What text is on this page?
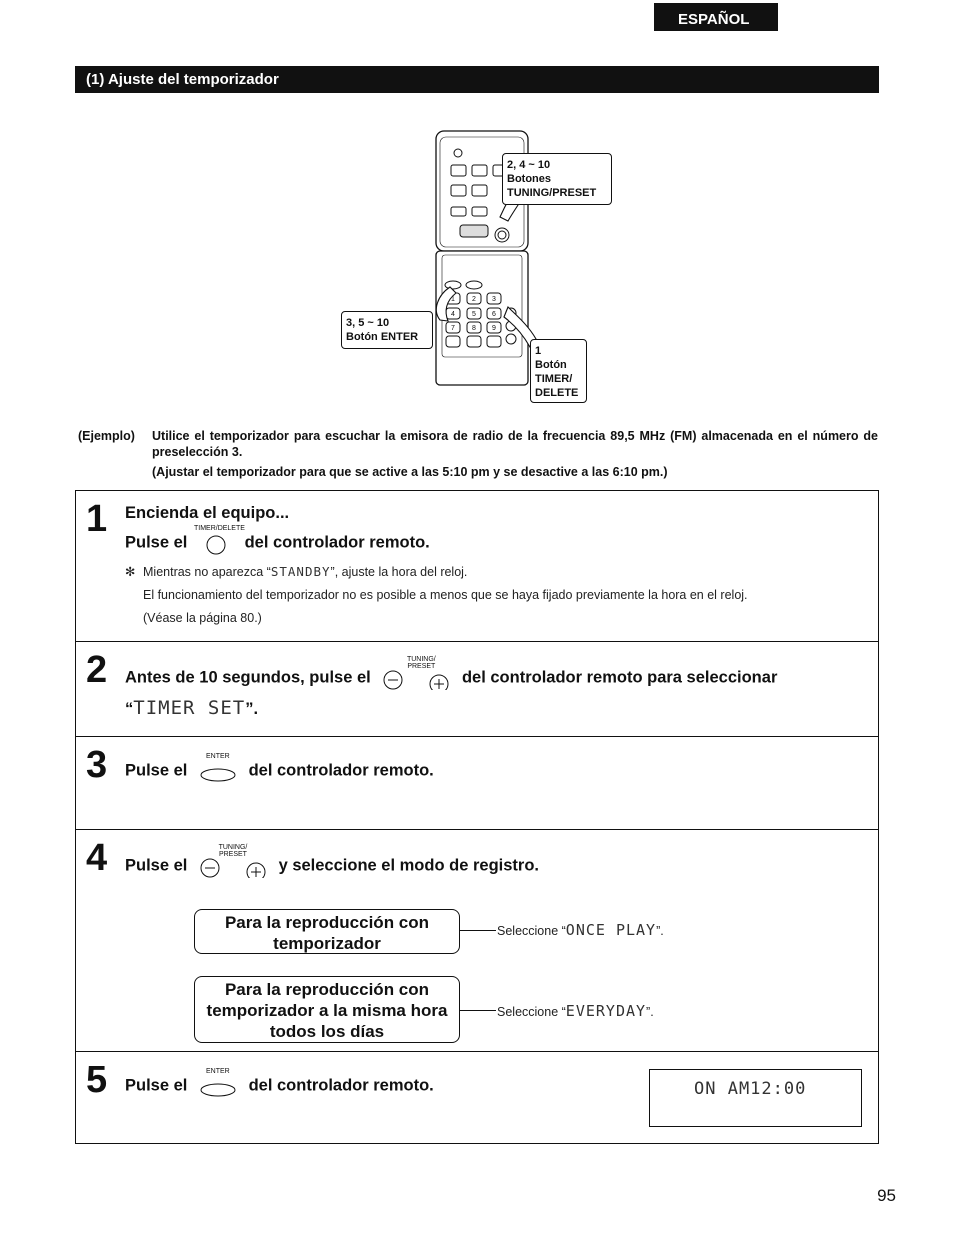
ESPAÑOL
(1) Ajuste del temporizador
1 2 3
4 5 6
7 8 9
2, 4 ~ 10
Botones
TUNING/PRESET
3, 5 ~ 10
Botón ENTER
1
Botón
TIMER/
DELETE
(Ejemplo) Utilice el temporizador para escuchar la emisora de radio de la frecuencia 89,5 MHz (FM) almacenada en el número de preselección 3.
(Ajustar el temporizador para que se active a las 5:10 pm y se desactive a las 6:10 pm.)
1 Encienda el equipo...
Pulse el
TIMER/DELETE
del controlador remoto.
✻ Mientras no aparezca “STANDBY”, ajuste la hora del reloj.
El funcionamiento del temporizador no es posible a menos que se haya fijado previamente la hora en el reloj.
(Véase la página 80.)
2 Antes de 10 segundos, pulse el
TUNING/ PRESET
del controlador remoto para seleccionar
“TIMER SET”.
3 Pulse el
ENTER
del controlador remoto.
4 Pulse el
TUNING/ PRESET
y seleccione el modo de registro.
Para la reproducción con temporizador
Seleccione “ONCE PLAY”.
Para la reproducción con temporizador a la misma hora todos los días
Seleccione “EVERYDAY”.
5 Pulse el
ENTER
del controlador remoto.	ON AM12:00
95
